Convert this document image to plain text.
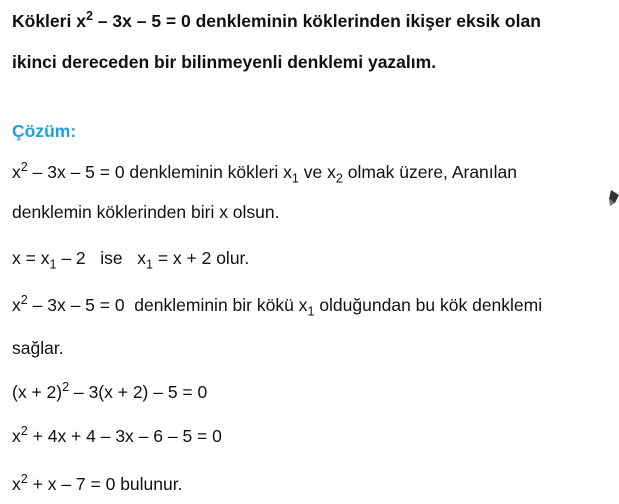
Kökleri $x^2 - 3x - 5 = 0$ denkleminin köklerinden ikişer eksik olan
ikinci dereceden bir bilinmeyenli denklemi yazalım.
Çözüm:
$x^2 - 3x - 5 = 0$ denkleminin kökleri $x_1$ ve $x_2$ olmak üzere, Aranılan
denklemin köklerinden biri x olsun.
$x = x_1 - 2$   ise   $x_1 = x + 2$ olur.
$x^2 - 3x - 5 = 0$  denkleminin bir kökü $x_1$ olduğundan bu kök denklemi
sağlar.
$(x + 2)^2 - 3(x + 2) - 5 = 0$
$x^2 + 4x + 4 - 3x - 6 - 5 = 0$
$x^2 + x - 7 = 0$ bulunur.
